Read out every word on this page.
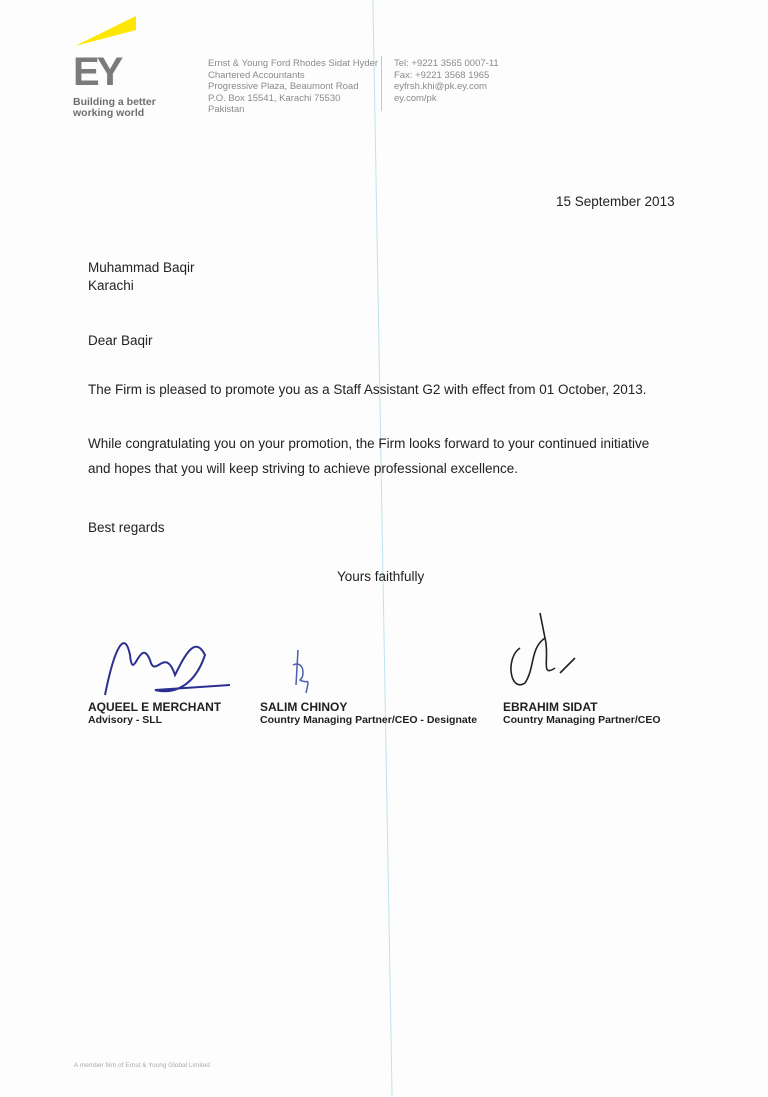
EY
Building a better
working world
Ernst & Young Ford Rhodes Sidat Hyder
Chartered Accountants
Progressive Plaza, Beaumont Road
P.O. Box 15541, Karachi 75530
Pakistan
Tel: +9221 3565 0007-11
Fax: +9221 3568 1965
eyfrsh.khi@pk.ey.com
ey.com/pk
15 September 2013
Muhammad Baqir
Karachi
Dear Baqir
The Firm is pleased to promote you as a Staff Assistant G2 with effect from 01 October, 2013.
While congratulating you on your promotion, the Firm looks forward to your continued initiative
and hopes that you will keep striving to achieve professional excellence.
Best regards
Yours faithfully
AQUEEL E MERCHANT
Advisory - SLL
SALIM CHINOY
Country Managing Partner/CEO - Designate
EBRAHIM SIDAT
Country Managing Partner/CEO
A member firm of Ernst & Young Global Limited
